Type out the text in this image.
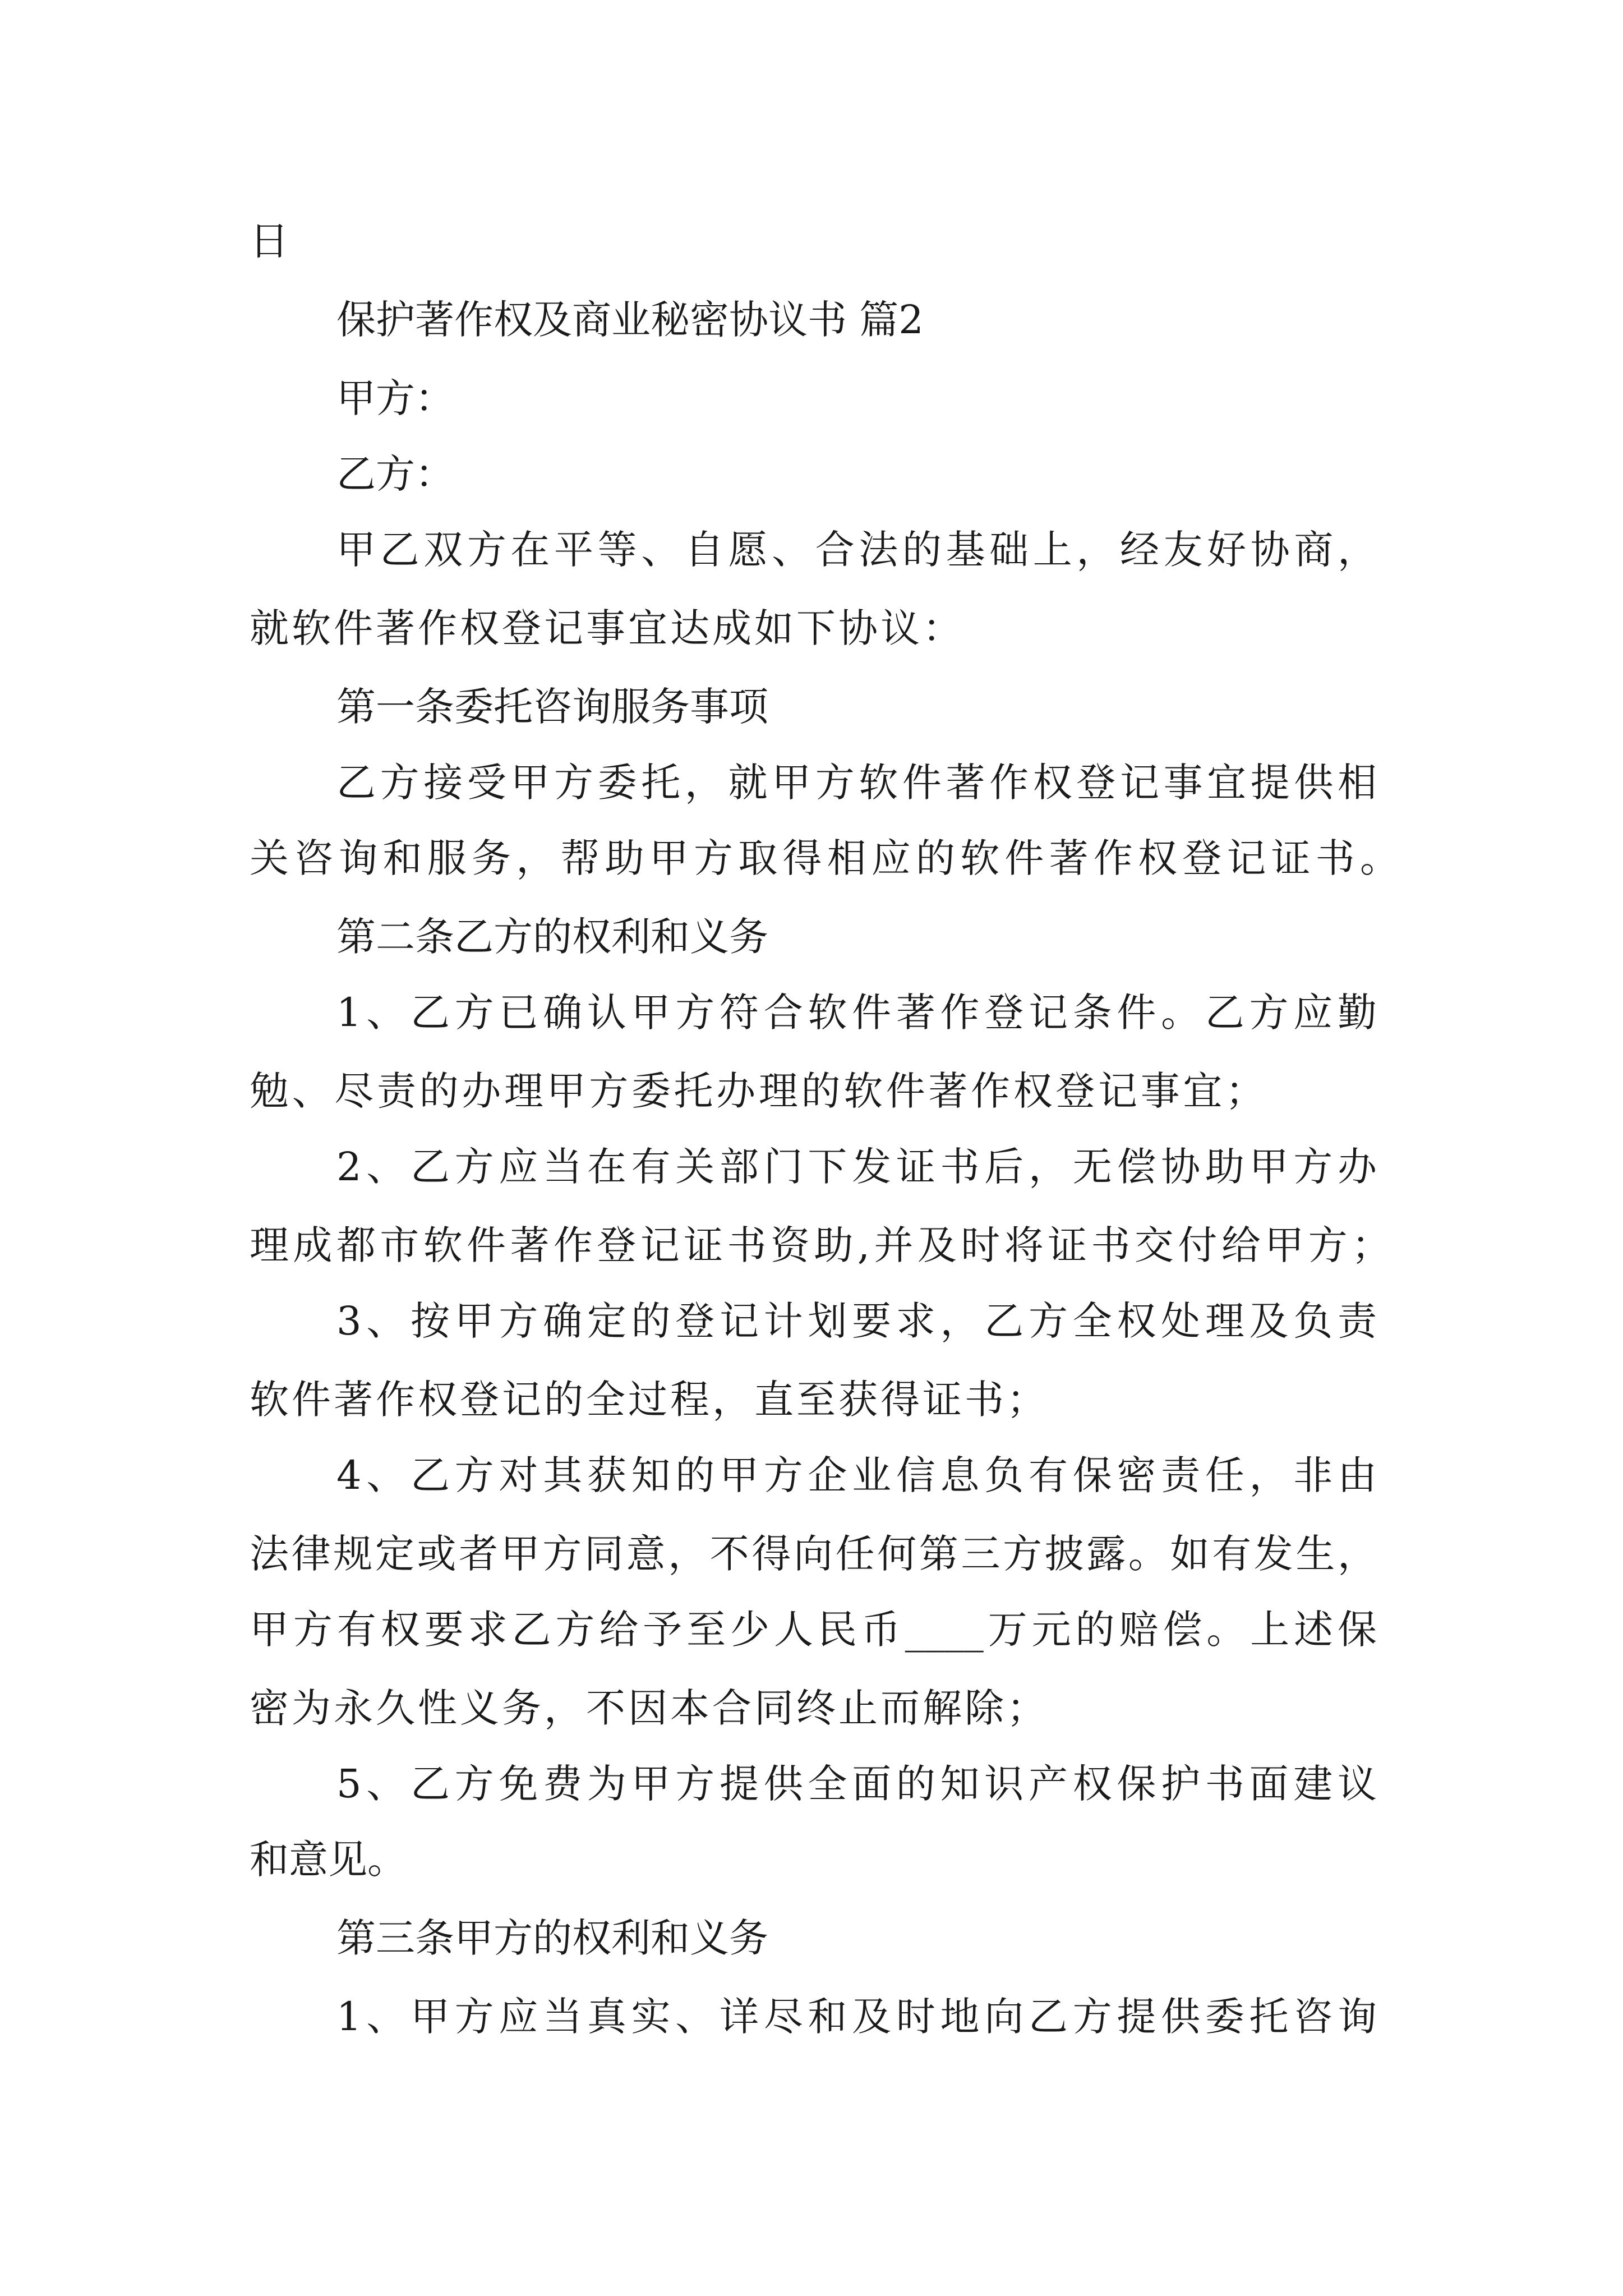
日

保护著作权及商业秘密协议书 篇2

甲方：

乙方：

甲乙双方在平等、自愿、合法的基础上，经友好协商，

就软件著作权登记事宜达成如下协议：

第一条委托咨询服务事项

乙方接受甲方委托，就甲方软件著作权登记事宜提供相

关咨询和服务，帮助甲方取得相应的软件著作权登记证书。

第二条乙方的权利和义务

1、乙方已确认甲方符合软件著作登记条件。乙方应勤

勉、尽责的办理甲方委托办理的软件著作权登记事宜；

2、乙方应当在有关部门下发证书后，无偿协助甲方办

理成都市软件著作登记证书资助,并及时将证书交付给甲方；

3、按甲方确定的登记计划要求，乙方全权处理及负责

软件著作权登记的全过程，直至获得证书；

4、乙方对其获知的甲方企业信息负有保密责任，非由

法律规定或者甲方同意，不得向任何第三方披露。如有发生，

甲方有权要求乙方给予至少人民币____万元的赔偿。上述保

密为永久性义务，不因本合同终止而解除；

5、乙方免费为甲方提供全面的知识产权保护书面建议

和意见。

第三条甲方的权利和义务

1、甲方应当真实、详尽和及时地向乙方提供委托咨询
